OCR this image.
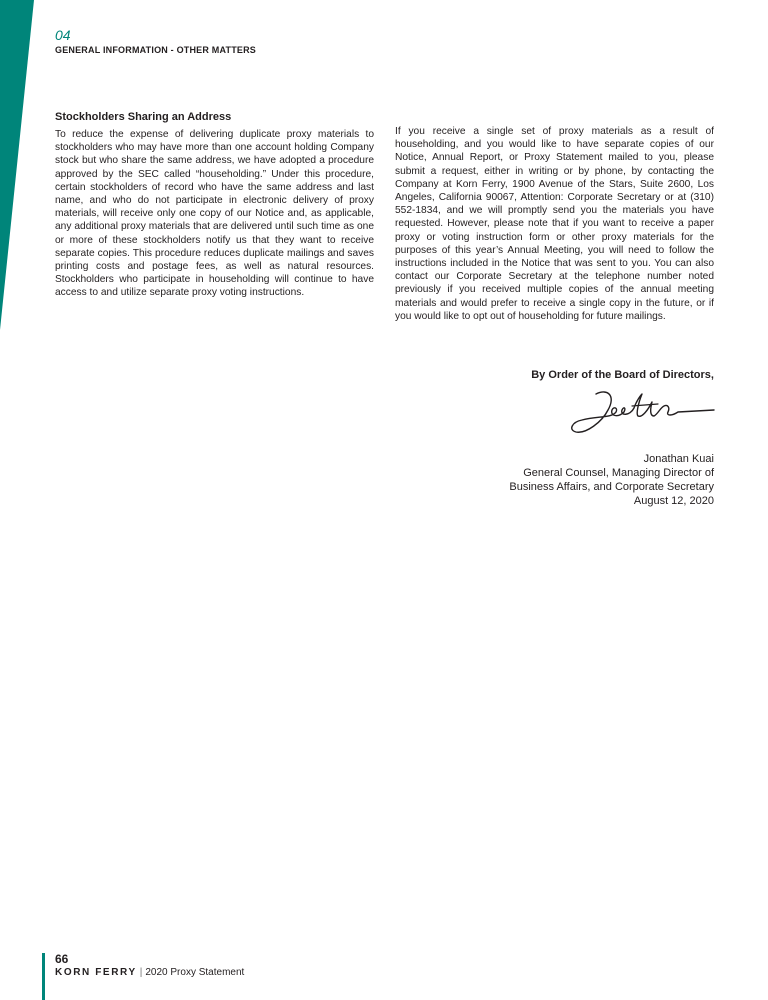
04
GENERAL INFORMATION - OTHER MATTERS
Stockholders Sharing an Address

To reduce the expense of delivering duplicate proxy materials to stockholders who may have more than one account holding Company stock but who share the same address, we have adopted a procedure approved by the SEC called “householding.” Under this procedure, certain stockholders of record who have the same address and last name, and who do not participate in electronic delivery of proxy materials, will receive only one copy of our Notice and, as applicable, any additional proxy materials that are delivered until such time as one or more of these stockholders notify us that they want to receive separate copies. This procedure reduces duplicate mailings and saves printing costs and postage fees, as well as natural resources. Stockholders who participate in householding will continue to have access to and utilize separate proxy voting instructions.

If you receive a single set of proxy materials as a result of householding, and you would like to have separate copies of our Notice, Annual Report, or Proxy Statement mailed to you, please submit a request, either in writing or by phone, by contacting the Company at Korn Ferry, 1900 Avenue of the Stars, Suite 2600, Los Angeles, California 90067, Attention: Corporate Secretary or at (310) 552-1834, and we will promptly send you the materials you have requested. However, please note that if you want to receive a paper proxy or voting instruction form or other proxy materials for the purposes of this year’s Annual Meeting, you will need to follow the instructions included in the Notice that was sent to you. You can also contact our Corporate Secretary at the telephone number noted previously if you received multiple copies of the annual meeting materials and would prefer to receive a single copy in the future, or if you would like to opt out of householding for future mailings.

By Order of the Board of Directors,
Jonathan Kuai
General Counsel, Managing Director of
Business Affairs, and Corporate Secretary
August 12, 2020
66
KORN FERRY | 2020 Proxy Statement
